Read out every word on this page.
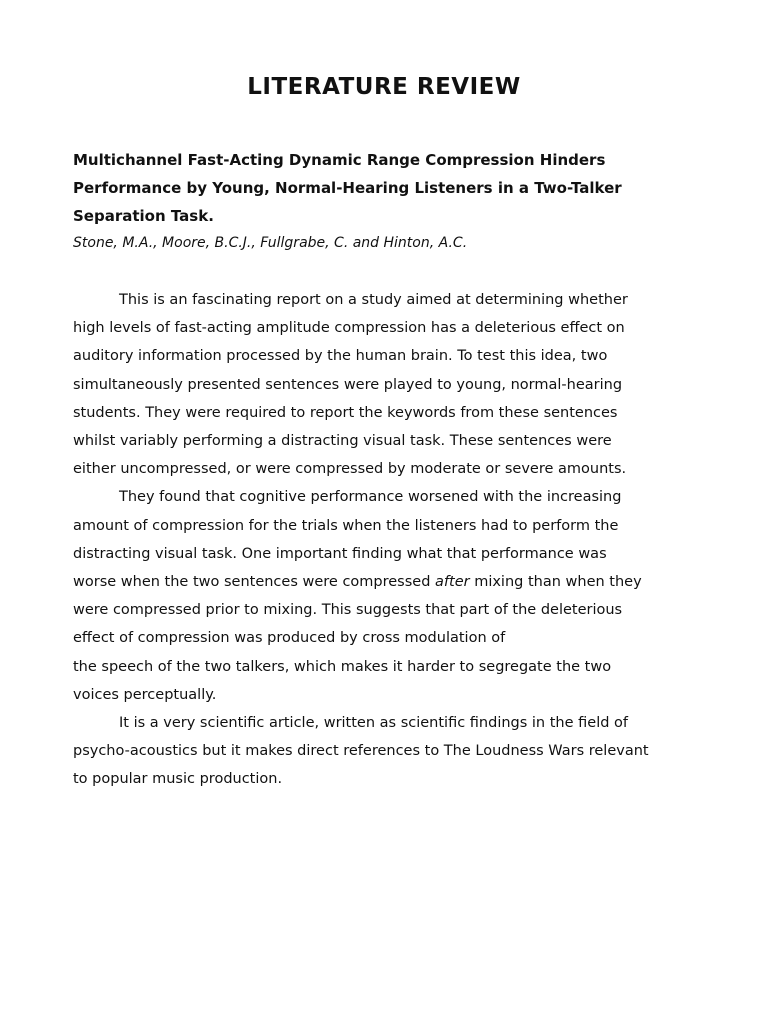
LITERATURE REVIEW
Multichannel Fast-Acting Dynamic Range Compression Hinders
Performance by Young, Normal-Hearing Listeners in a Two-Talker
Separation Task.

Stone, M.A., Moore, B.C.J., Fullgrabe, C. and Hinton, A.C.

This is an fascinating report on a study aimed at determining whether
high levels of fast-acting amplitude compression has a deleterious effect on
auditory information processed by the human brain. To test this idea, two
simultaneously presented sentences were played to young, normal-hearing
students. They were required to report the keywords from these sentences
whilst variably performing a distracting visual task. These sentences were
either uncompressed, or were compressed by moderate or severe amounts.

They found that cognitive performance worsened with the increasing
amount of compression for the trials when the listeners had to perform the
distracting visual task. One important finding what that performance was
worse when the two sentences were compressed after mixing than when they
were compressed prior to mixing. This suggests that part of the deleterious
effect of compression was produced by cross modulation of
the speech of the two talkers, which makes it harder to segregate the two
voices perceptually.

It is a very scientific article, written as scientific findings in the field of
psycho-acoustics but it makes direct references to The Loudness Wars relevant
to popular music production.
